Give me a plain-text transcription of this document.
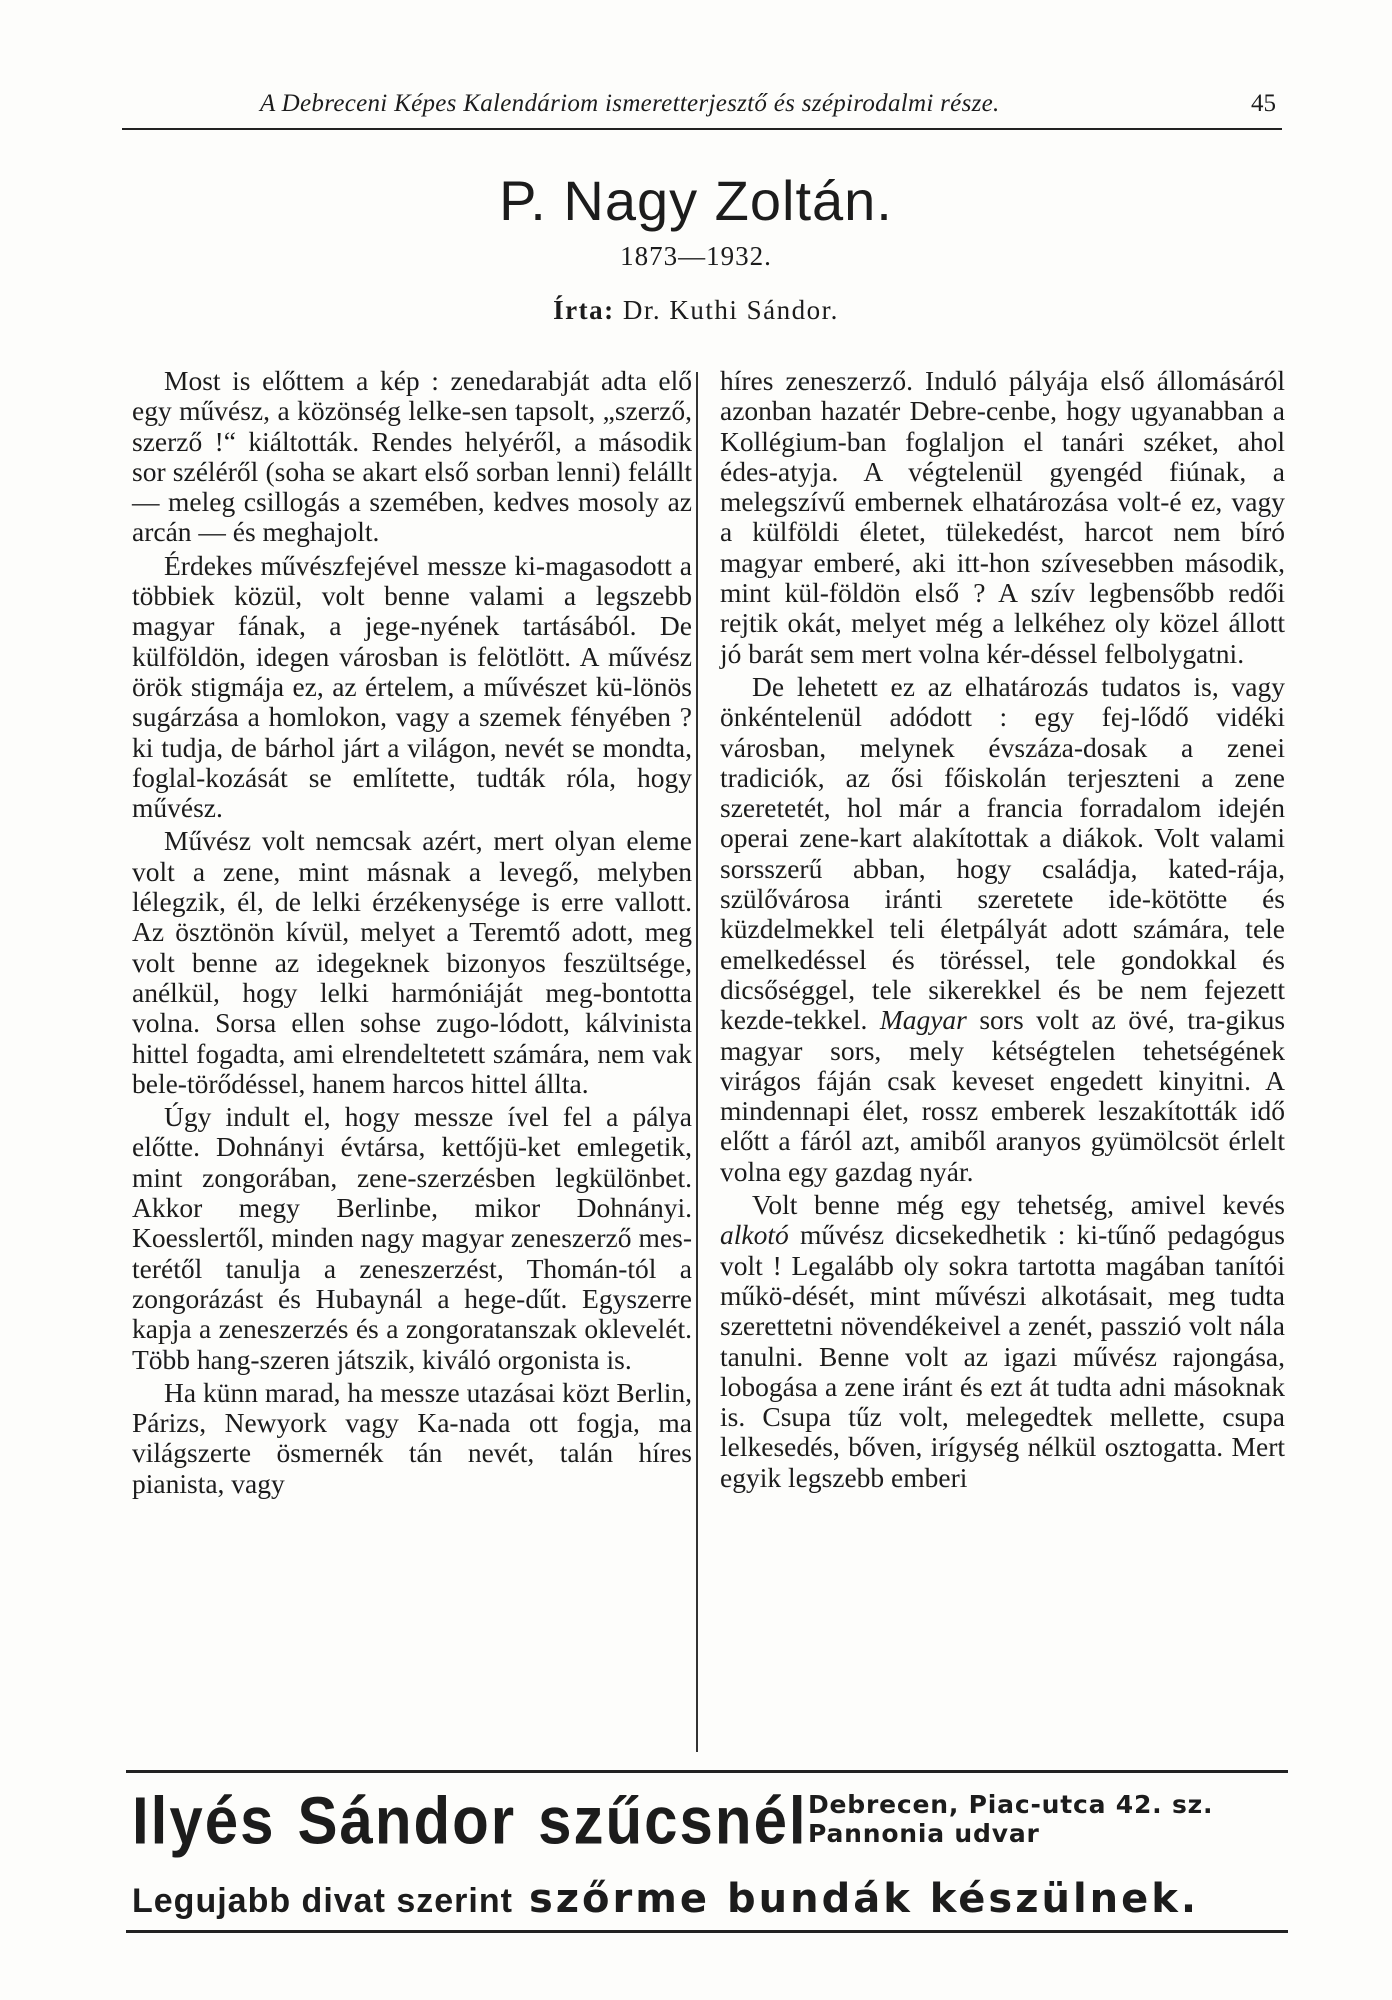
A Debreceni Képes Kalendáriom ismeretterjesztő és szépirodalmi része.	45
P. Nagy Zoltán.
1873—1932.
Írta: Dr. Kuthi Sándor.

Most is előttem a kép : zenedarabját adta elő egy művész, a közönség lelke-sen tapsolt, „szerző, szerző !“ kiáltották. Rendes helyéről, a második sor széléről (soha se akart első sorban lenni) felállt — meleg csillogás a szemében, kedves mosoly az arcán — és meghajolt.

Érdekes művészfejével messze ki-magasodott a többiek közül, volt benne valami a legszebb magyar fának, a jege-nyének tartásából. De külföldön, idegen városban is felötlött. A művész örök stigmája ez, az értelem, a művészet kü-lönös sugárzása a homlokon, vagy a szemek fényében ? ki tudja, de bárhol járt a világon, nevét se mondta, foglal-kozását se említette, tudták róla, hogy művész.

Művész volt nemcsak azért, mert olyan eleme volt a zene, mint másnak a levegő, melyben lélegzik, él, de lelki érzékenysége is erre vallott. Az ösztönön kívül, melyet a Teremtő adott, meg volt benne az idegeknek bizonyos feszültsége, anélkül, hogy lelki harmóniáját meg-bontotta volna. Sorsa ellen sohse zugo-lódott, kálvinista hittel fogadta, ami elrendeltetett számára, nem vak bele-törődéssel, hanem harcos hittel állta.

Úgy indult el, hogy messze ível fel a pálya előtte. Dohnányi évtársa, kettőjü-ket emlegetik, mint zongorában, zene-szerzésben legkülönbet. Akkor megy Berlinbe, mikor Dohnányi. Koesslertől, minden nagy magyar zeneszerző mes-terétől tanulja a zeneszerzést, Thomán-tól a zongorázást és Hubaynál a hege-dűt. Egyszerre kapja a zeneszerzés és a zongoratanszak oklevelét. Több hang-szeren játszik, kiváló orgonista is.

Ha künn marad, ha messze utazásai közt Berlin, Párizs, Newyork vagy Ka-nada ott fogja, ma világszerte ösmernék tán nevét, talán híres pianista, vagy

híres zeneszerző. Induló pályája első állomásáról azonban hazatér Debre-cenbe, hogy ugyanabban a Kollégium-ban foglaljon el tanári széket, ahol édes-atyja. A végtelenül gyengéd fiúnak, a melegszívű embernek elhatározása volt-é ez, vagy a külföldi életet, tülekedést, harcot nem bíró magyar emberé, aki itt-hon szívesebben második, mint kül-földön első ? A szív legbensőbb redői rejtik okát, melyet még a lelkéhez oly közel állott jó barát sem mert volna kér-déssel felbolygatni.

De lehetett ez az elhatározás tudatos is, vagy önkéntelenül adódott : egy fej-lődő vidéki városban, melynek évszáza-dosak a zenei tradiciók, az ősi főiskolán terjeszteni a zene szeretetét, hol már a francia forradalom idején operai zene-kart alakítottak a diákok. Volt valami sorsszerű abban, hogy családja, kated-rája, szülővárosa iránti szeretete ide-kötötte és küzdelmekkel teli életpályát adott számára, tele emelkedéssel és töréssel, tele gondokkal és dicsőséggel, tele sikerekkel és be nem fejezett kezde-tekkel. Magyar sors volt az övé, tra-gikus magyar sors, mely kétségtelen tehetségének virágos fáján csak keveset engedett kinyitni. A mindennapi élet, rossz emberek leszakították idő előtt a fáról azt, amiből aranyos gyümölcsöt érlelt volna egy gazdag nyár.

Volt benne még egy tehetség, amivel kevés alkotó művész dicsekedhetik : ki-tűnő pedagógus volt ! Legalább oly sokra tartotta magában tanítói műkö-dését, mint művészi alkotásait, meg tudta szerettetni növendékeivel a zenét, passzió volt nála tanulni. Benne volt az igazi művész rajongása, lobogása a zene iránt és ezt át tudta adni másoknak is. Csupa tűz volt, melegedtek mellette, csupa lelkesedés, bőven, irígység nélkül osztogatta. Mert egyik legszebb emberi

Ilyés Sándor szűcsnél Debrecen, Piac-utca 42. sz.
Pannonia udvar
Legujabb divat szerint szőrme bundák készülnek.
